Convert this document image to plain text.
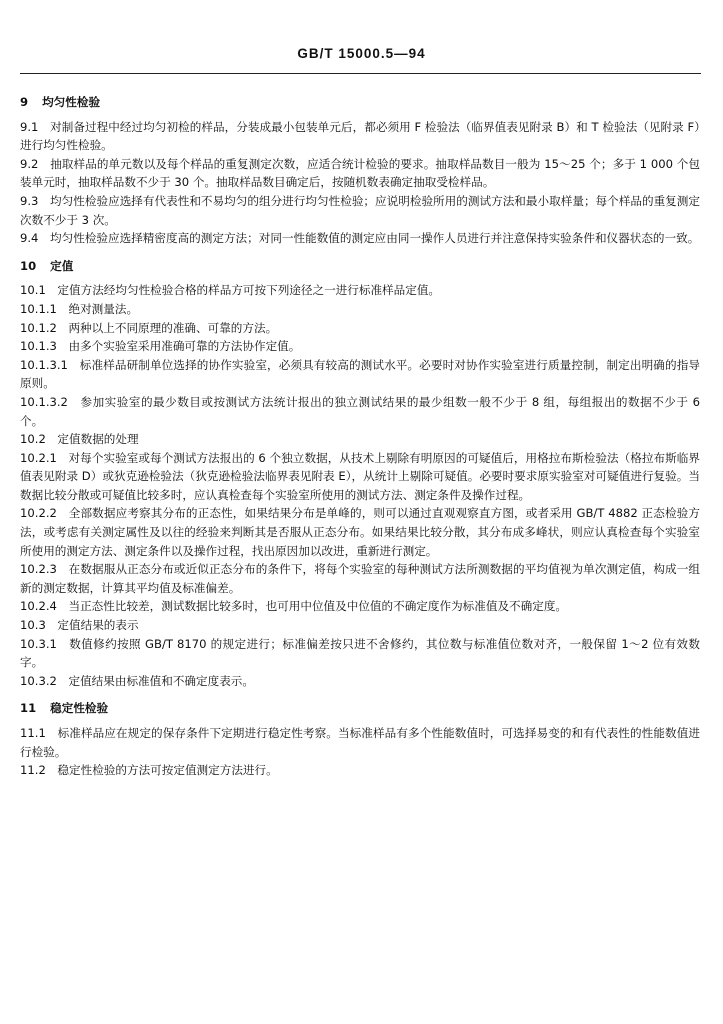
GB/T 15000.5—94
9 均匀性检验

9.1　对制备过程中经过均匀初检的样品，分装成最小包装单元后，都必须用 F 检验法（临界值表见附录 B）和 T 检验法（见附录 F）进行均匀性检验。

9.2　抽取样品的单元数以及每个样品的重复测定次数，应适合统计检验的要求。抽取样品数目一般为 15～25 个；多于 1 000 个包装单元时，抽取样品数不少于 30 个。抽取样品数目确定后，按随机数表确定抽取受检样品。

9.3　均匀性检验应选择有代表性和不易均匀的组分进行均匀性检验；应说明检验所用的测试方法和最小取样量；每个样品的重复测定次数不少于 3 次。

9.4　均匀性检验应选择精密度高的测定方法；对同一性能数值的测定应由同一操作人员进行并注意保持实验条件和仪器状态的一致。

10 定值

10.1　定值方法经均匀性检验合格的样品方可按下列途径之一进行标准样品定值。

10.1.1　绝对测量法。

10.1.2　两种以上不同原理的准确、可靠的方法。

10.1.3　由多个实验室采用准确可靠的方法协作定值。

10.1.3.1　标准样品研制单位选择的协作实验室，必须具有较高的测试水平。必要时对协作实验室进行质量控制，制定出明确的指导原则。

10.1.3.2　参加实验室的最少数目或按测试方法统计报出的独立测试结果的最少组数一般不少于 8 组，每组报出的数据不少于 6 个。

10.2　定值数据的处理

10.2.1　对每个实验室或每个测试方法报出的 6 个独立数据，从技术上剔除有明原因的可疑值后，用格拉布斯检验法（格拉布斯临界值表见附录 D）或狄克逊检验法（狄克逊检验法临界表见附表 E），从统计上剔除可疑值。必要时要求原实验室对可疑值进行复验。当数据比较分散或可疑值比较多时，应认真检查每个实验室所使用的测试方法、测定条件及操作过程。

10.2.2　全部数据应考察其分布的正态性，如果结果分布是单峰的，则可以通过直观观察直方图，或者采用 GB/T 4882 正态检验方法，或考虑有关测定属性及以往的经验来判断其是否服从正态分布。如果结果比较分散，其分布成多峰状，则应认真检查每个实验室所使用的测定方法、测定条件以及操作过程，找出原因加以改进，重新进行测定。

10.2.3　在数据服从正态分布或近似正态分布的条件下，将每个实验室的每种测试方法所测数据的平均值视为单次测定值，构成一组新的测定数据，计算其平均值及标准偏差。

10.2.4　当正态性比较差，测试数据比较多时，也可用中位值及中位值的不确定度作为标准值及不确定度。

10.3　定值结果的表示

10.3.1　数值修约按照 GB/T 8170 的规定进行；标准偏差按只进不舍修约，其位数与标准值位数对齐，一般保留 1～2 位有效数字。

10.3.2　定值结果由标准值和不确定度表示。

11 稳定性检验

11.1　标准样品应在规定的保存条件下定期进行稳定性考察。当标准样品有多个性能数值时，可选择易变的和有代表性的性能数值进行检验。

11.2　稳定性检验的方法可按定值测定方法进行。
